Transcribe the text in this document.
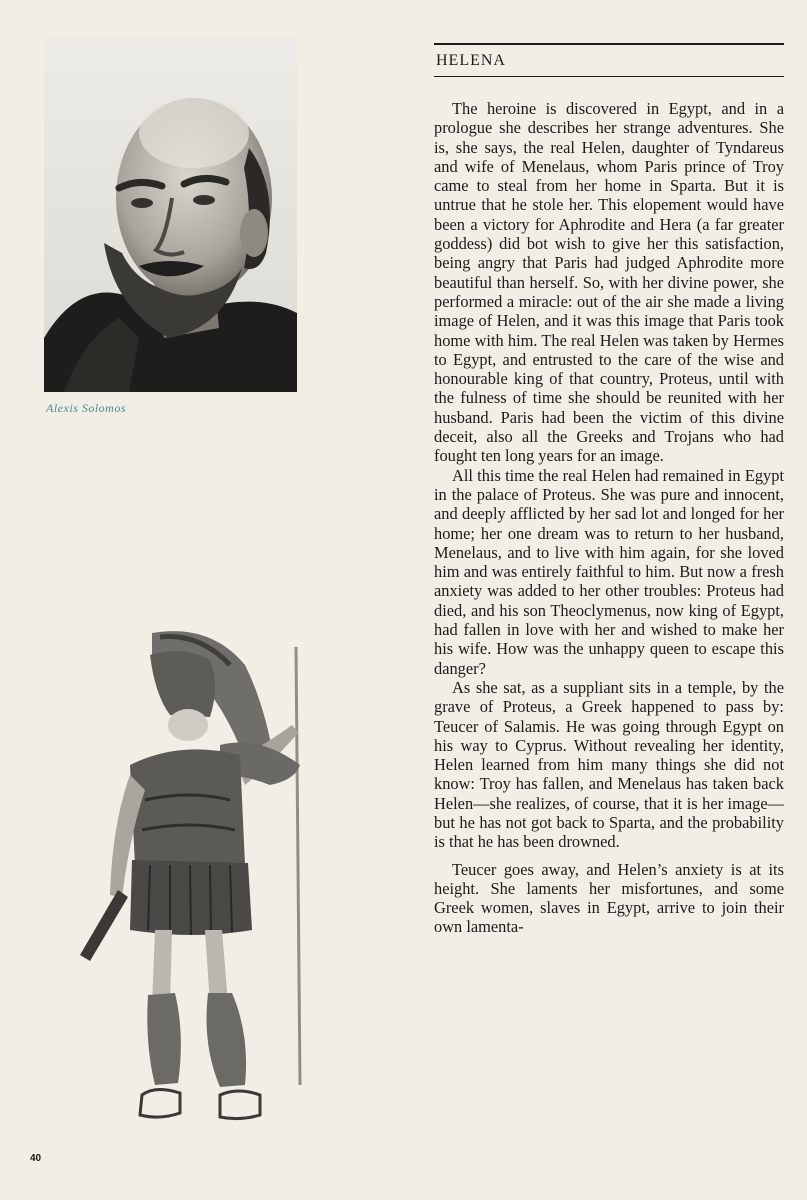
Alexis Solomos
40
HELENA

The heroine is discovered in Egypt, and in a prologue she describes her strange adventures. She is, she says, the real Helen, daughter of Tyndareus and wife of Menelaus, whom Paris prince of Troy came to steal from her home in Sparta. But it is untrue that he stole her. This elopement would have been a victory for Aphrodite and Hera (a far greater goddess) did bot wish to give her this satisfaction, being angry that Paris had judged Aphrodite more beautiful than herself. So, with her divine power, she performed a miracle: out of the air she made a living image of Helen, and it was this image that Paris took home with him. The real Helen was taken by Hermes to Egypt, and entrusted to the care of the wise and honourable king of that country, Proteus, until with the fulness of time she should be reunited with her husband. Paris had been the victim of this divine deceit, also all the Greeks and Trojans who had fought ten long years for an image.

All this time the real Helen had remained in Egypt in the palace of Proteus. She was pure and innocent, and deeply afflicted by her sad lot and longed for her home; her one dream was to return to her husband, Menelaus, and to live with him again, for she loved him and was entirely faithful to him. But now a fresh anxiety was added to her other troubles: Proteus had died, and his son Theoclymenus, now king of Egypt, had fallen in love with her and wished to make her his wife. How was the unhappy queen to escape this danger?

As she sat, as a suppliant sits in a temple, by the grave of Proteus, a Greek happened to pass by: Teucer of Salamis. He was going through Egypt on his way to Cyprus. Without revealing her identity, Helen learned from him many things she did not know: Troy has fallen, and Menelaus has taken back Helen—she realizes, of course, that it is her image—but he has not got back to Sparta, and the probability is that he has been drowned.

Teucer goes away, and Helen’s anxiety is at its height. She laments her misfortunes, and some Greek women, slaves in Egypt, arrive to join their own lamenta-
